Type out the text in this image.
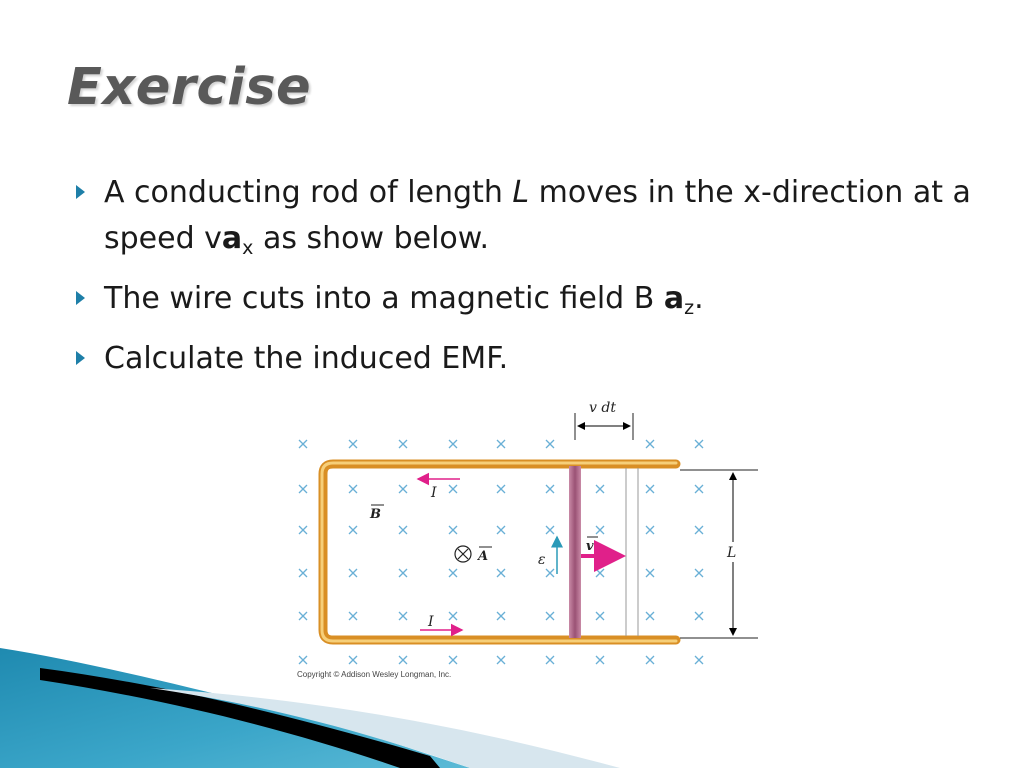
Exercise
A conducting rod of length L moves in the x-direction at a speed $va_x$ as show below.
The wire cuts into a magnetic field B $a_z$.
Calculate the induced EMF.
I
I
B
A	ε
v
v dt
L
Copyright © Addison Wesley Longman, Inc.
